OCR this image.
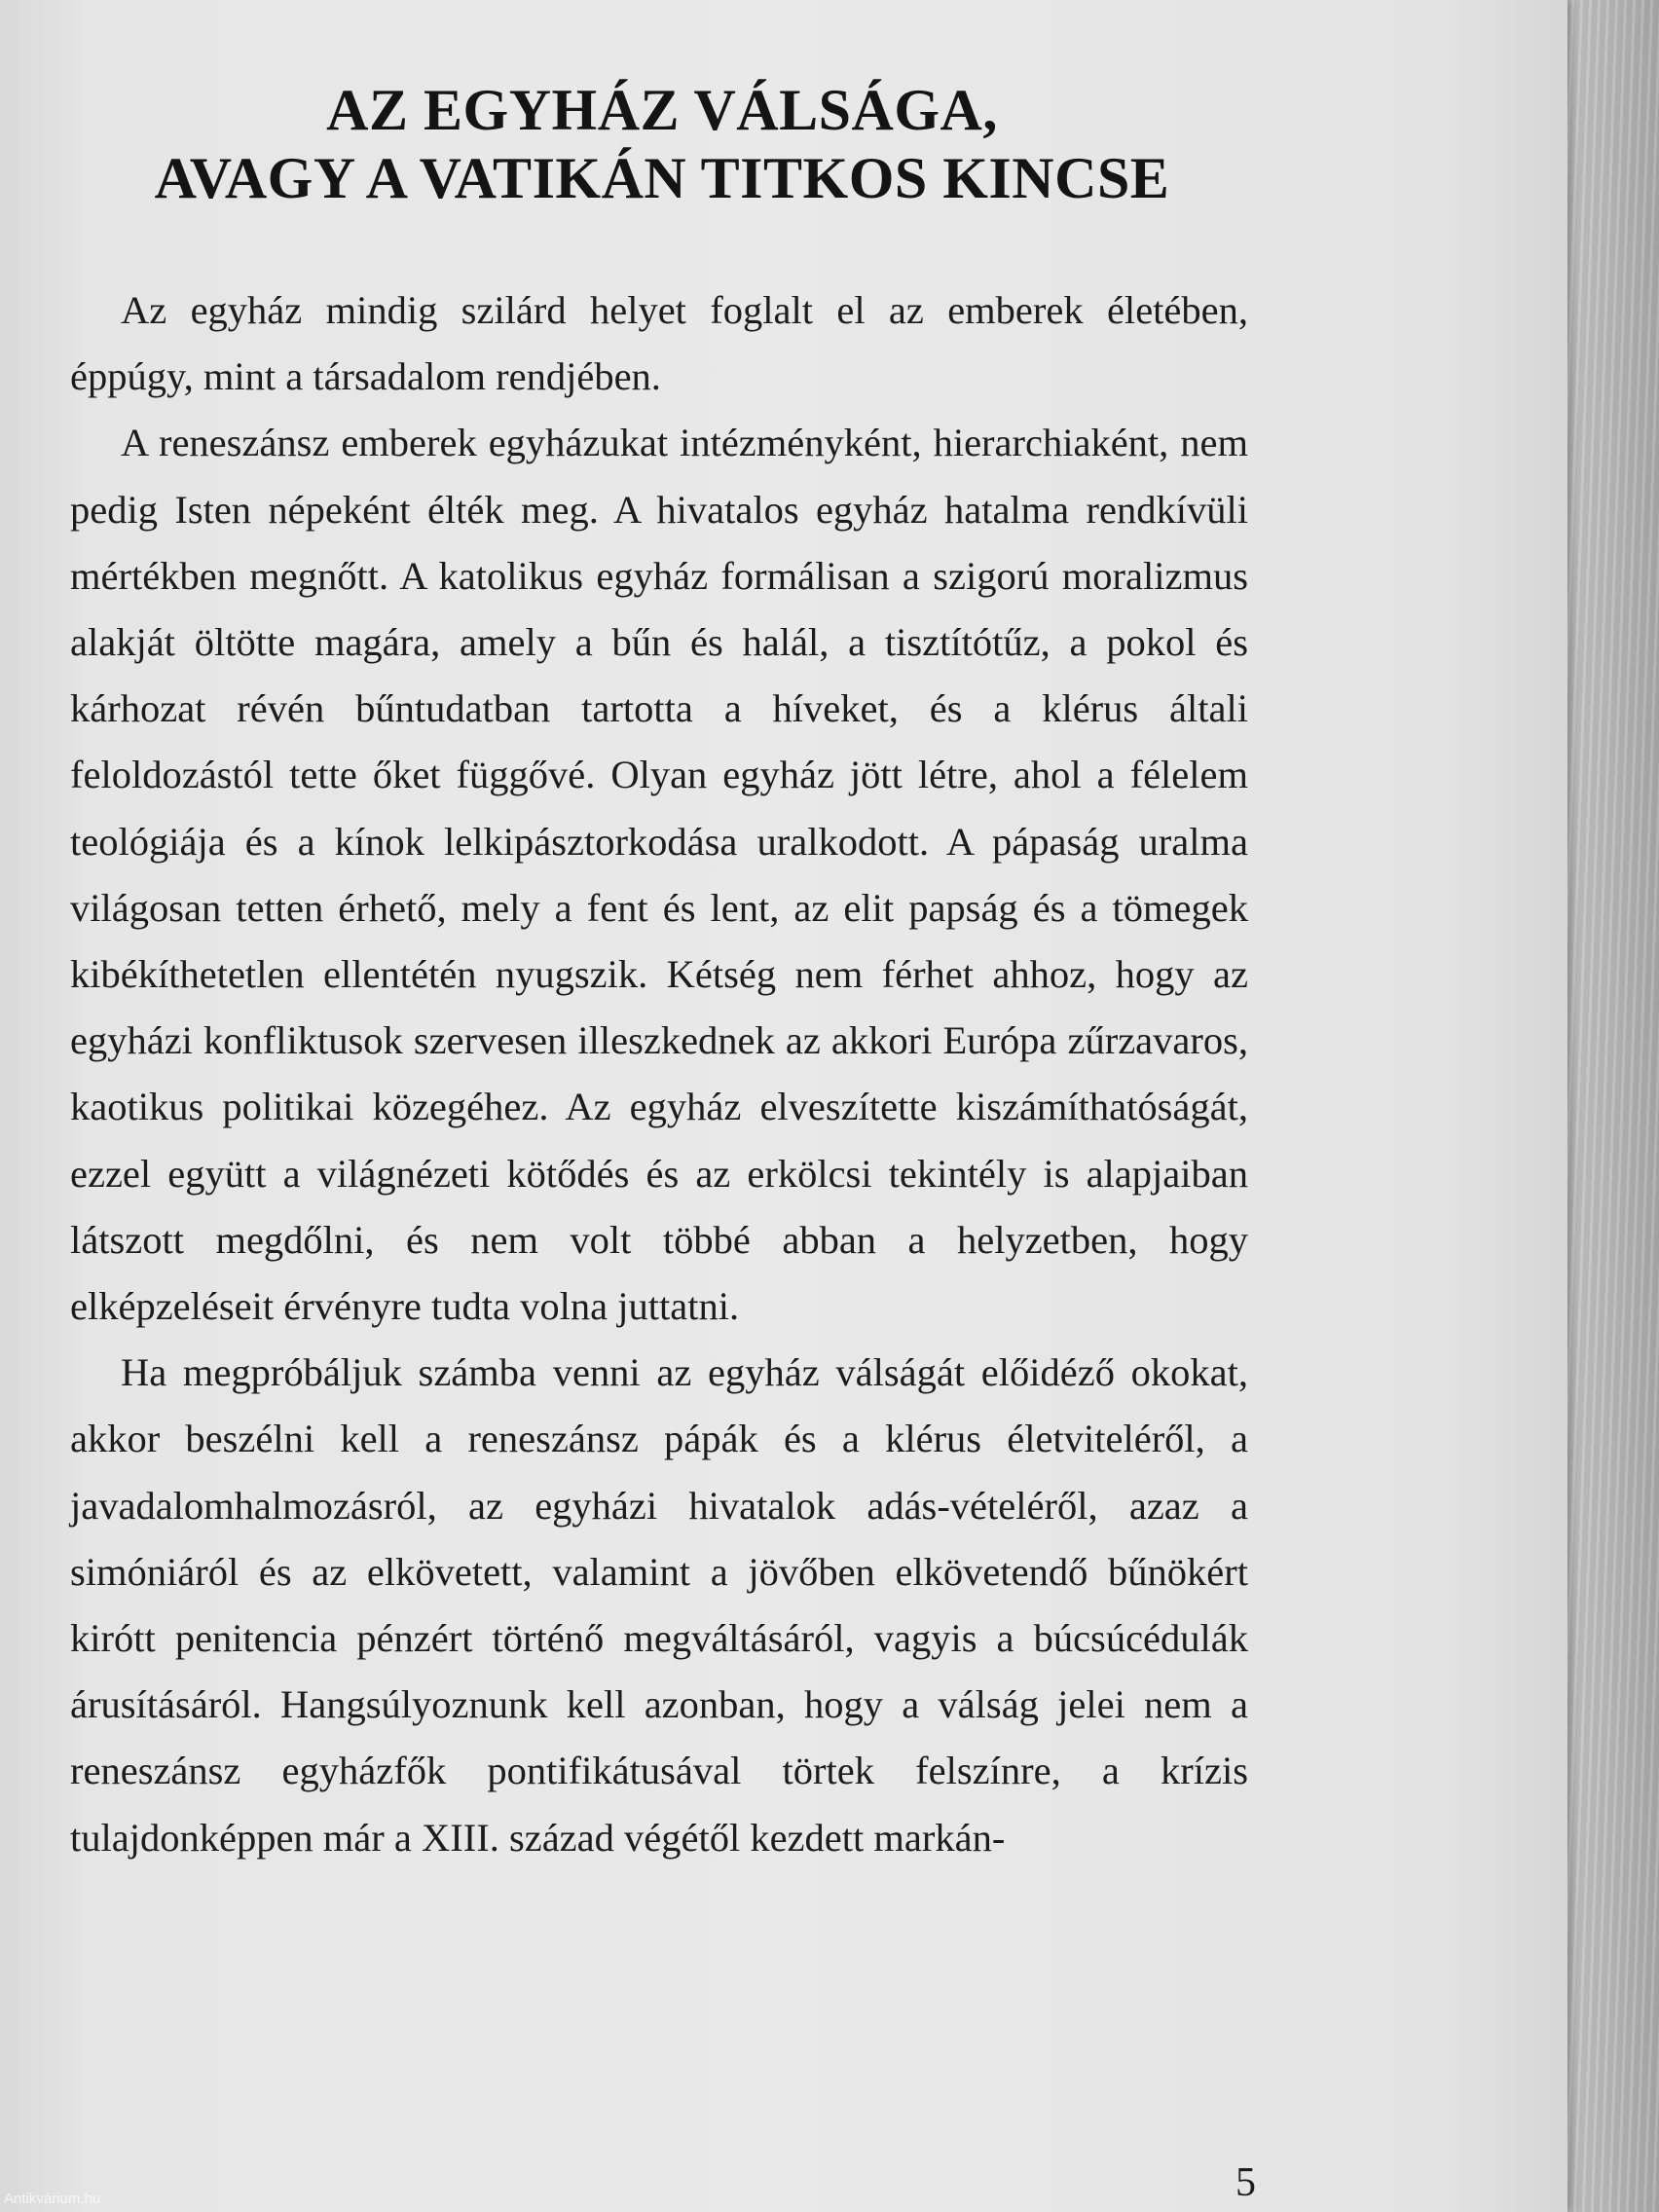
AZ EGYHÁZ VÁLSÁGA,
AVAGY A VATIKÁN TITKOS KINCSE

Az egyház mindig szilárd helyet foglalt el az emberek életében, éppúgy, mint a társadalom rendjében.

A reneszánsz emberek egyházukat intézményként, hierarchiaként, nem pedig Isten népeként élték meg. A hivatalos egyház hatalma rendkívüli mértékben megnőtt. A katolikus egyház formálisan a szigorú moralizmus alakját öltötte magára, amely a bűn és halál, a tisztítótűz, a pokol és kárhozat révén bűntudatban tartotta a híveket, és a klérus általi feloldozástól tette őket függővé. Olyan egyház jött létre, ahol a félelem teológiája és a kínok lelkipásztorkodása uralkodott. A pápaság uralma világosan tetten érhető, mely a fent és lent, az elit papság és a tömegek kibékíthetetlen ellentétén nyugszik. Kétség nem férhet ahhoz, hogy az egyházi konfliktusok szervesen illeszkednek az akkori Európa zűrzavaros, kaotikus politikai közegéhez. Az egyház elveszítette kiszámíthatóságát, ezzel együtt a világnézeti kötődés és az erkölcsi tekintély is alapjaiban látszott megdőlni, és nem volt többé abban a helyzetben, hogy elképzeléseit érvényre tudta volna juttatni.

Ha megpróbáljuk számba venni az egyház válságát előidéző okokat, akkor beszélni kell a reneszánsz pápák és a klérus életviteléről, a javadalomhalmozásról, az egyházi hivatalok adás-vételéről, azaz a simóniáról és az elkövetett, valamint a jövőben elkövetendő bűnökért kirótt penitencia pénzért történő megváltásáról, vagyis a búcsúcédulák árusításáról. Hangsúlyoznunk kell azonban, hogy a válság jelei nem a reneszánsz egyházfők pontifikátusával törtek felszínre, a krízis tulajdonképpen már a XIII. század végétől kezdett markán-

5
Antikvárium.hu
